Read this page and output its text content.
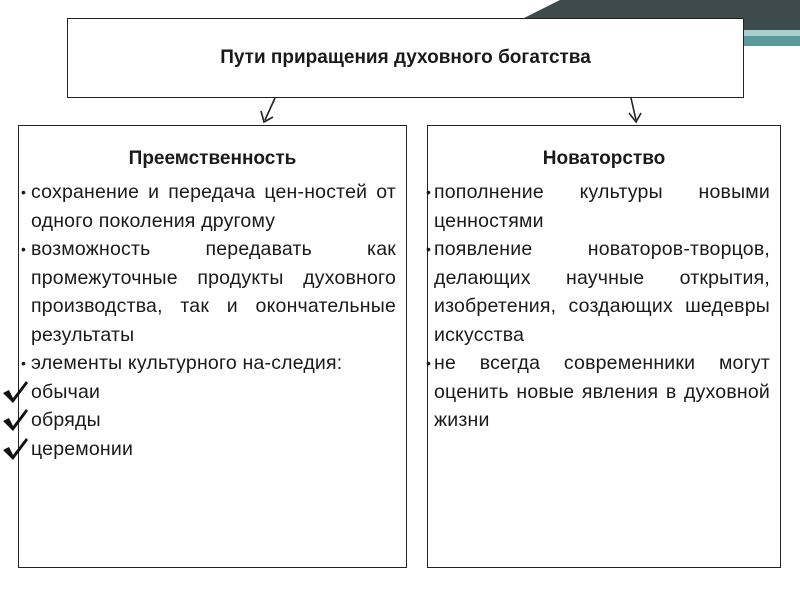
Пути приращения духовного богатства
Преемственность
• сохранение и передача цен-ностей от одного поколения другому
• возможность передавать как промежуточные продукты духовного производства, так и окончательные результаты
• элементы культурного на-следия:
обычаи
обряды
церемонии
Новаторство
• пополнение культуры новыми ценностями
• появление новаторов-творцов, делающих научные открытия, изобретения, создающих шедевры искусства
• не всегда современники могут оценить новые явления в духовной жизни
